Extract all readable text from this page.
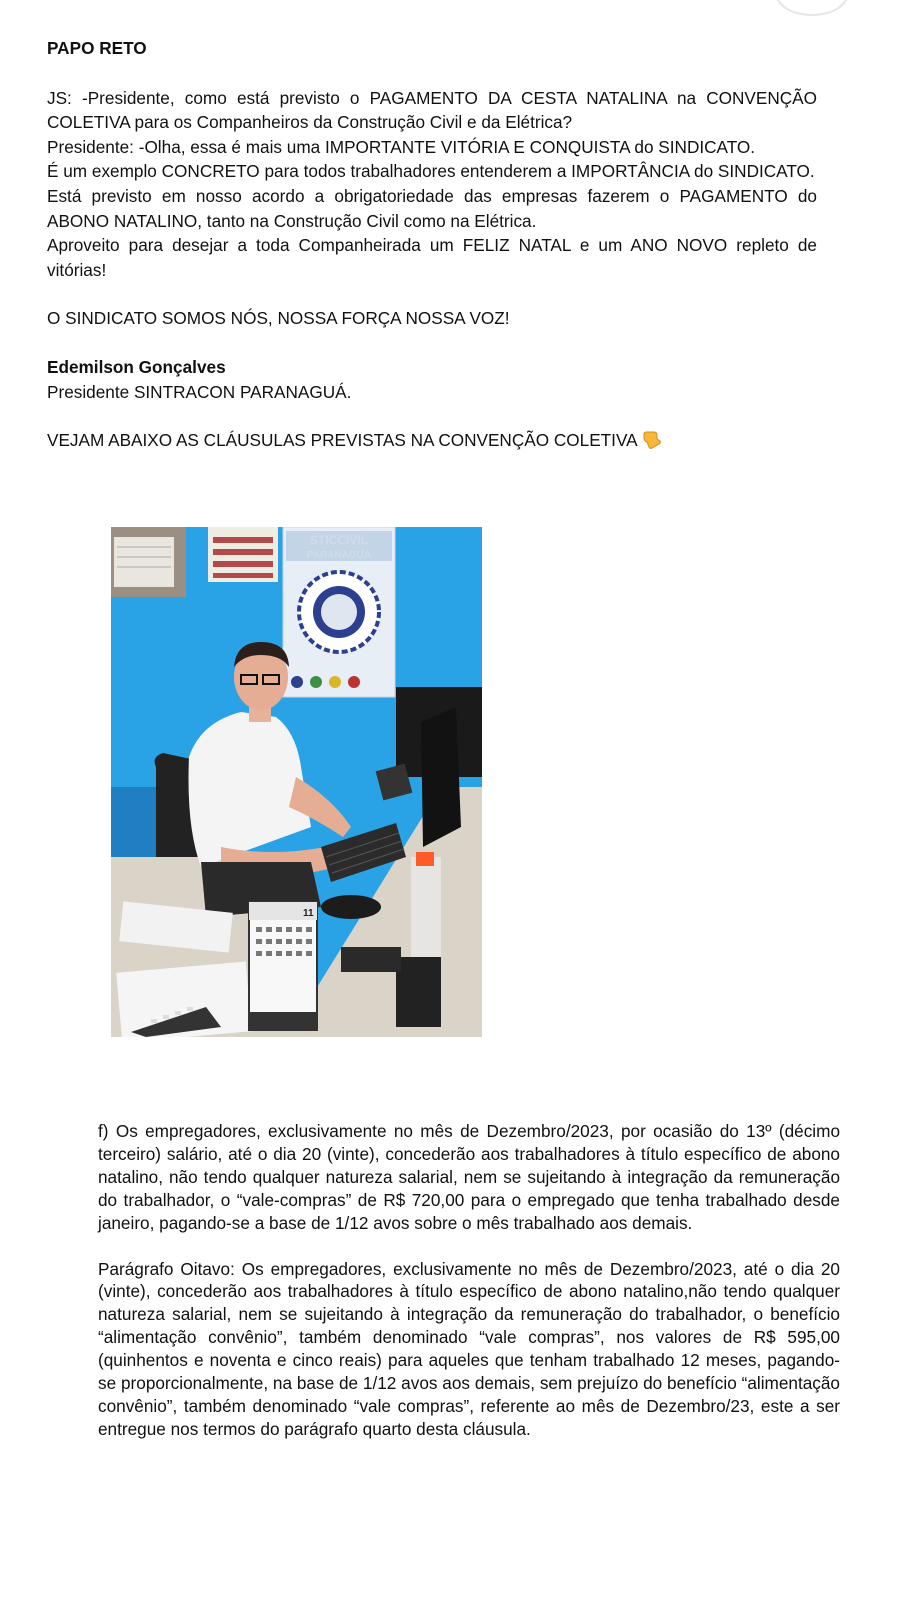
PAPO RETO

JS: -Presidente, como está previsto o PAGAMENTO DA CESTA NATALINA na CONVENÇÃO COLETIVA para os Companheiros da Construção Civil e da Elétrica?

Presidente: -Olha, essa é mais uma IMPORTANTE VITÓRIA E CONQUISTA do SINDICATO.

É um exemplo CONCRETO para todos trabalhadores entenderem a IMPORTÂNCIA do SINDICATO.

Está previsto em nosso acordo a obrigatoriedade das empresas fazerem o PAGAMENTO do ABONO NATALINO, tanto na Construção Civil como na Elétrica.

Aproveito para desejar a toda Companheirada um FELIZ NATAL e um ANO NOVO repleto de vitórias!

O SINDICATO SOMOS NÓS, NOSSA FORÇA NOSSA VOZ!

Edemilson Gonçalves

Presidente SINTRACON PARANAGUÁ.

VEJAM ABAIXO AS CLÁUSULAS PREVISTAS NA CONVENÇÃO COLETIVA

11

f) Os empregadores, exclusivamente no mês de Dezembro/2023, por ocasião do 13º (décimo terceiro) salário, até o dia 20 (vinte), concederão aos trabalhadores à título específico de abono natalino, não tendo qualquer natureza salarial, nem se sujeitando à integração da remuneração do trabalhador, o “vale-compras” de R$ 720,00 para o empregado que tenha trabalhado desde janeiro, pagando-se a base de 1/12 avos sobre o mês trabalhado aos demais.

Parágrafo Oitavo: Os empregadores, exclusivamente no mês de Dezembro/2023, até o dia 20 (vinte), concederão aos trabalhadores à título específico de abono natalino,não tendo qualquer natureza salarial, nem se sujeitando à integração da remuneração do trabalhador, o benefício “alimentação convênio”, também denominado “vale compras”, nos valores de R$ 595,00 (quinhentos e noventa e cinco reais) para aqueles que tenham trabalhado 12 meses, pagando-se proporcionalmente, na base de 1/12 avos aos demais, sem prejuízo do benefício “alimentação convênio”, também denominado “vale compras”, referente ao mês de Dezembro/23, este a ser entregue nos termos do parágrafo quarto desta cláusula.
